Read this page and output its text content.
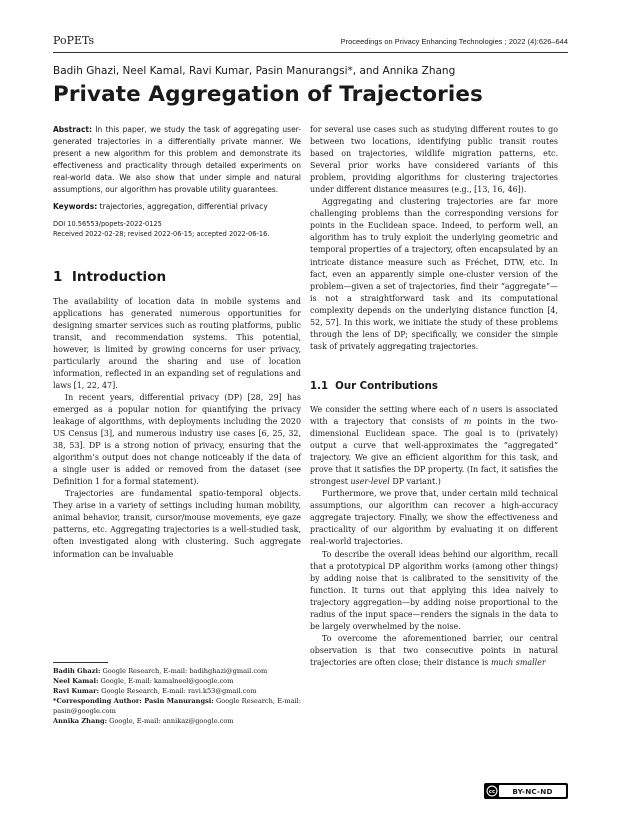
PoPETs	Proceedings on Privacy Enhancing Technologies ; 2022 (4):626–644
Badih Ghazi, Neel Kamal, Ravi Kumar, Pasin Manurangsi*, and Annika Zhang
Private Aggregation of Trajectories

Abstract: In this paper, we study the task of aggregating user-generated trajectories in a differentially private manner. We present a new algorithm for this problem and demonstrate its effectiveness and practicality through detailed experiments on real-world data. We also show that under simple and natural assumptions, our algorithm has provable utility guarantees.

Keywords: trajectories, aggregation, differential privacy

DOI 10.56553/popets-2022-0125
Received 2022-02-28; revised 2022-06-15; accepted 2022-06-16.
1 Introduction

The availability of location data in mobile systems and applications has generated numerous opportunities for designing smarter services such as routing platforms, public transit, and recommendation systems. This potential, however, is limited by growing concerns for user privacy, particularly around the sharing and use of location information, reflected in an expanding set of regulations and laws [1, 22, 47].

In recent years, differential privacy (DP) [28, 29] has emerged as a popular notion for quantifying the privacy leakage of algorithms, with deployments including the 2020 US Census [3], and numerous industry use cases [6, 25, 32, 38, 53]. DP is a strong notion of privacy, ensuring that the algorithm’s output does not change noticeably if the data of a single user is added or removed from the dataset (see Definition 1 for a formal statement).

Trajectories are fundamental spatio-temporal objects. They arise in a variety of settings including human mobility, animal behavior, transit, cursor/mouse movements, eye gaze patterns, etc. Aggregating trajectories is a well-studied task, often investigated along with clustering. Such aggregate information can be invaluable

for several use cases such as studying different routes to go between two locations, identifying public transit routes based on trajectories, wildlife migration patterns, etc. Several prior works have considered variants of this problem, providing algorithms for clustering trajectories under different distance measures (e.g., [13, 16, 46]).

Aggregating and clustering trajectories are far more challenging problems than the corresponding versions for points in the Euclidean space. Indeed, to perform well, an algorithm has to truly exploit the underlying geometric and temporal properties of a trajectory, often encapsulated by an intricate distance measure such as Fréchet, DTW, etc. In fact, even an apparently simple one-cluster version of the problem—given a set of trajectories, find their “aggregate”—is not a straightforward task and its computational complexity depends on the underlying distance function [4, 52, 57]. In this work, we initiate the study of these problems through the lens of DP; specifically, we consider the simple task of privately aggregating trajectories.

1.1 Our Contributions

We consider the setting where each of n users is associated with a trajectory that consists of m points in the two-dimensional Euclidean space. The goal is to (privately) output a curve that well-approximates the “aggregated” trajectory. We give an efficient algorithm for this task, and prove that it satisfies the DP property. (In fact, it satisfies the strongest user-level DP variant.)

Furthermore, we prove that, under certain mild technical assumptions, our algorithm can recover a high-accuracy aggregate trajectory. Finally, we show the effectiveness and practicality of our algorithm by evaluating it on different real-world trajectories.

To describe the overall ideas behind our algorithm, recall that a prototypical DP algorithm works (among other things) by adding noise that is calibrated to the sensitivity of the function. It turns out that applying this idea naively to trajectory aggregation—by adding noise proportional to the radius of the input space—renders the signals in the data to be largely overwhelmed by the noise.

To overcome the aforementioned barrier, our central observation is that two consecutive points in natural trajectories are often close; their distance is much smaller

Badih Ghazi: Google Research, E-mail: badihghazi@gmail.com

Neel Kamal: Google, E-mail: kamalneel@google.com

Ravi Kumar: Google Research, E-mail: ravi.k53@gmail.com

*Corresponding Author: Pasin Manurangsi: Google Research, E-mail: pasin@google.com

Annika Zhang: Google, E-mail: annikaz@google.com

cc	BY-NC-ND
